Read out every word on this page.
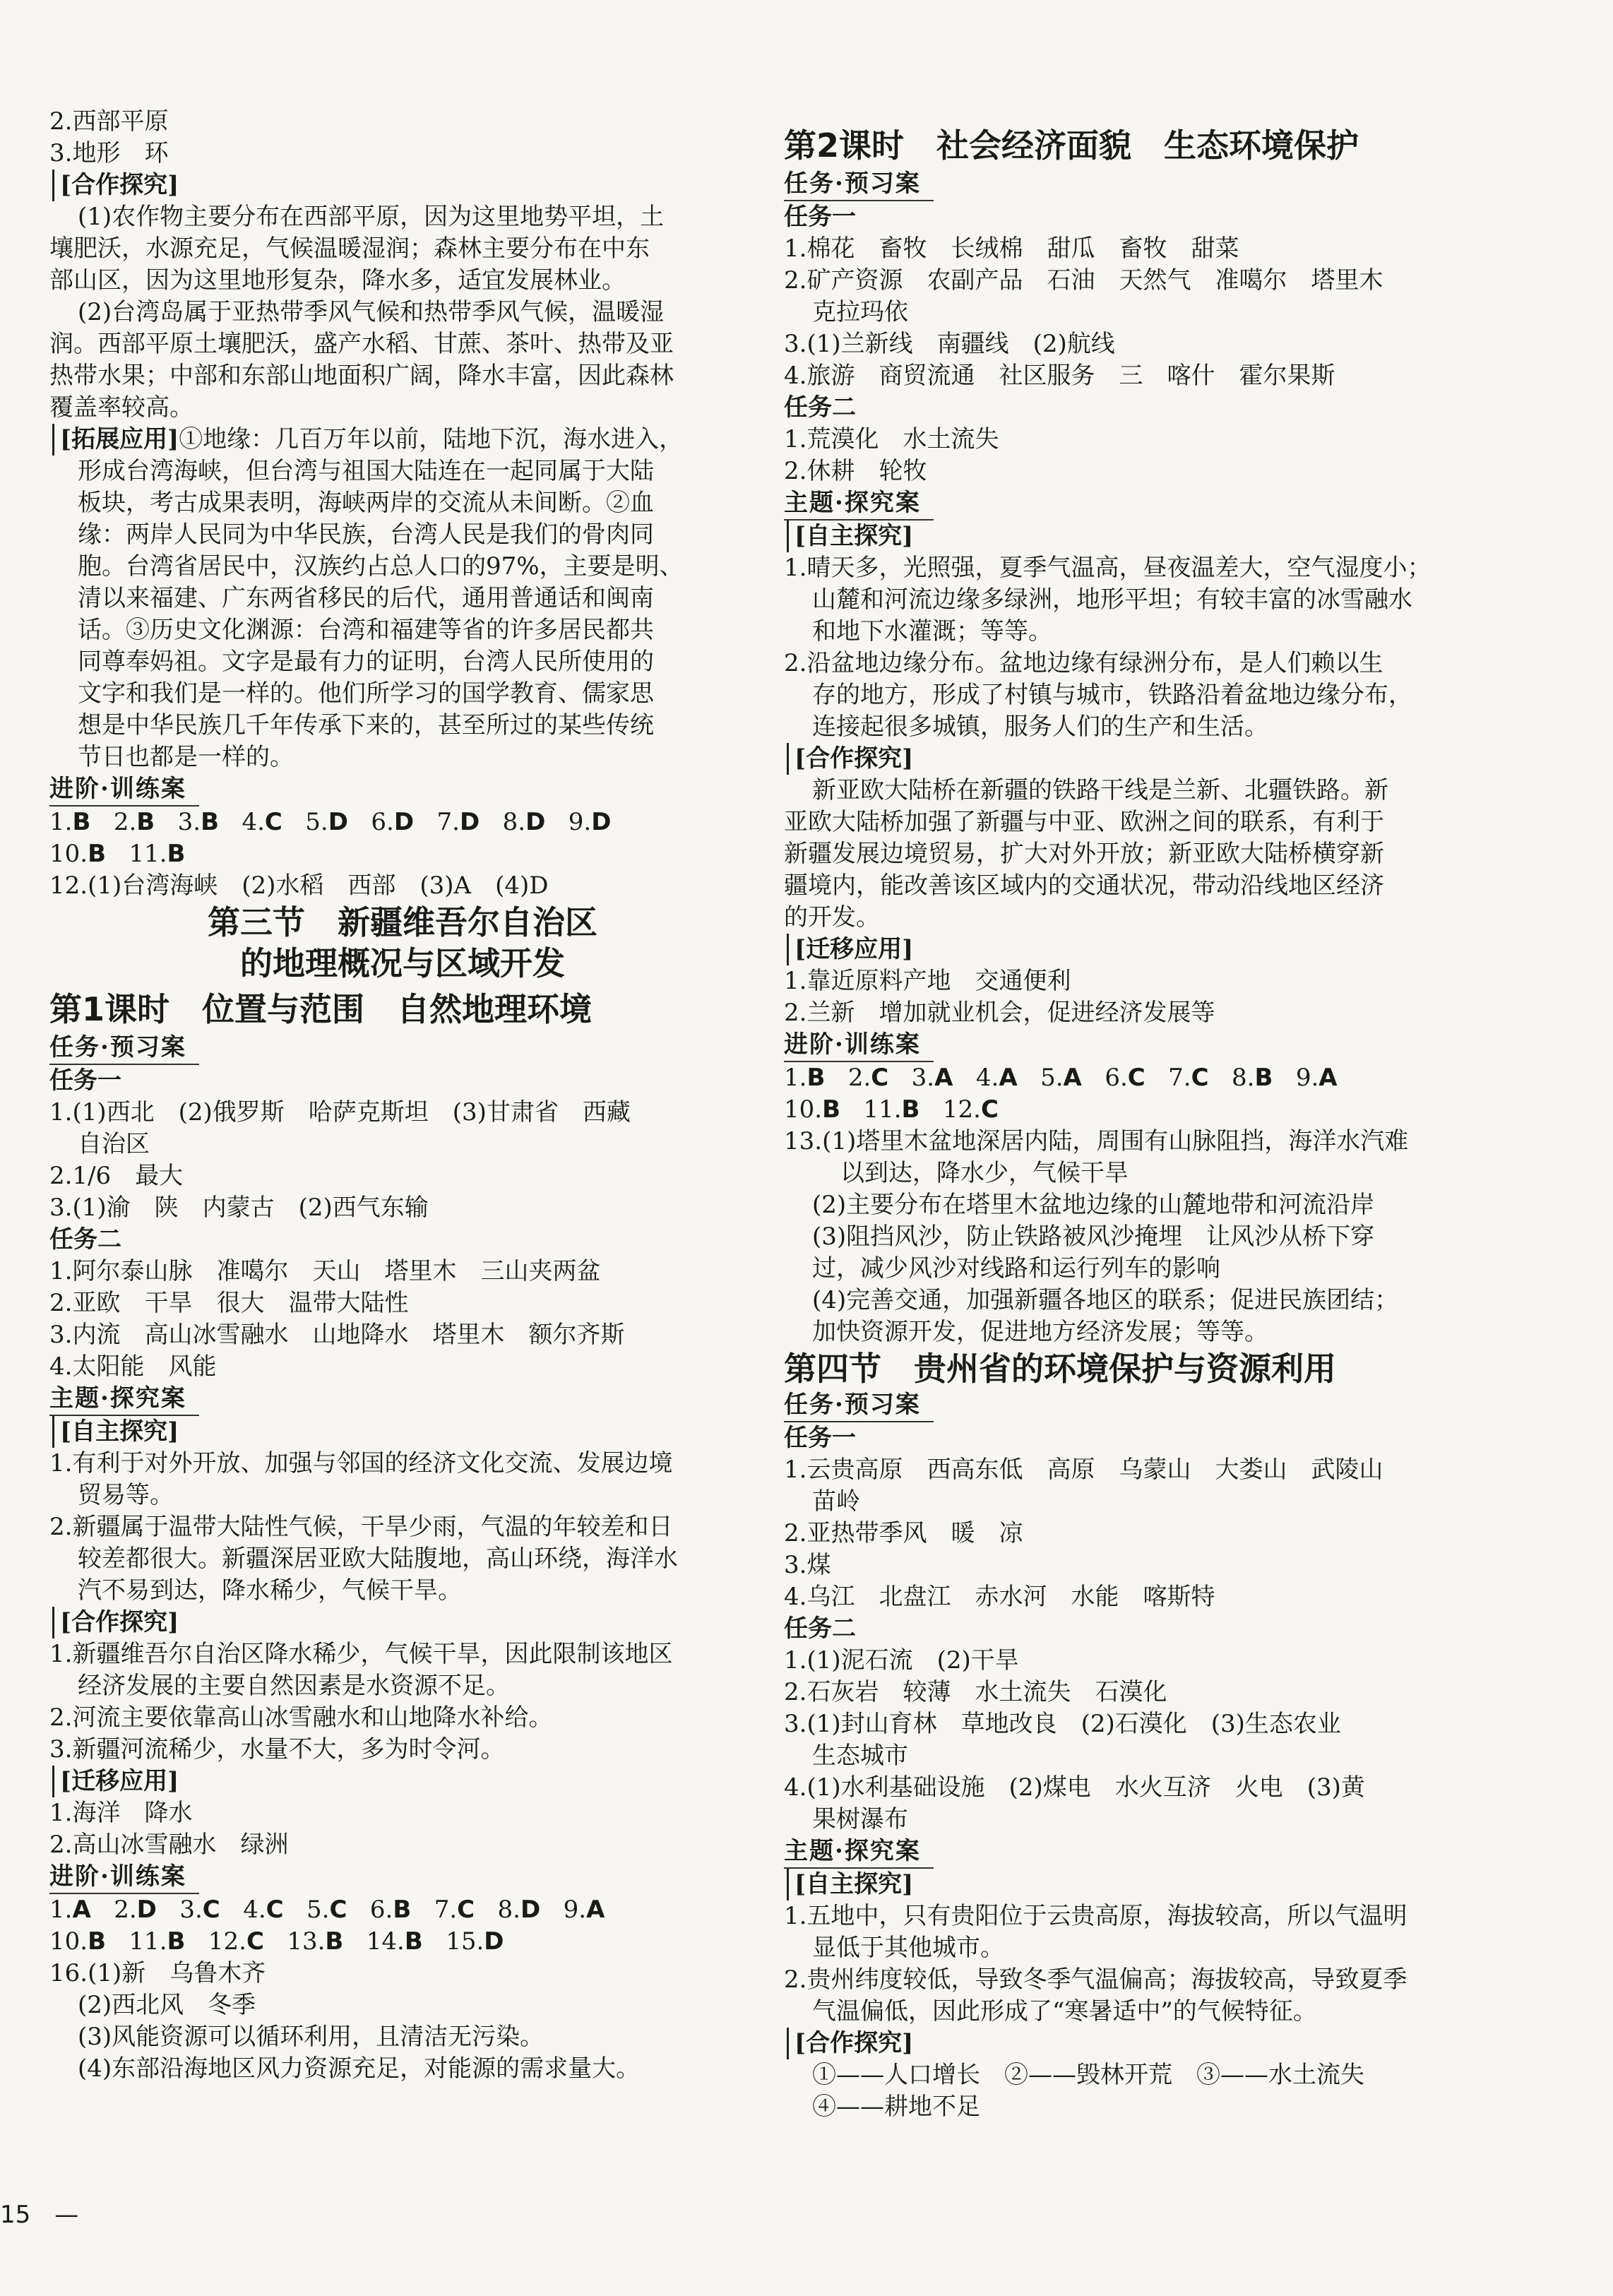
2.西部平原
3.地形　环
[合作探究]
(1)农作物主要分布在西部平原，因为这里地势平坦，土
壤肥沃，水源充足，气候温暖湿润；森林主要分布在中东
部山区，因为这里地形复杂，降水多，适宜发展林业。
(2)台湾岛属于亚热带季风气候和热带季风气候，温暖湿
润。西部平原土壤肥沃，盛产水稻、甘蔗、茶叶、热带及亚
热带水果；中部和东部山地面积广阔，降水丰富，因此森林
覆盖率较高。
[拓展应用]①地缘：几百万年以前，陆地下沉，海水进入，
形成台湾海峡，但台湾与祖国大陆连在一起同属于大陆
板块，考古成果表明，海峡两岸的交流从未间断。②血
缘：两岸人民同为中华民族，台湾人民是我们的骨肉同
胞。台湾省居民中，汉族约占总人口的97%，主要是明、
清以来福建、广东两省移民的后代，通用普通话和闽南
话。③历史文化渊源：台湾和福建等省的许多居民都共
同尊奉妈祖。文字是最有力的证明，台湾人民所使用的
文字和我们是一样的。他们所学习的国学教育、儒家思
想是中华民族几千年传承下来的，甚至所过的某些传统
节日也都是一样的。
进阶·训练案
1.B 2.B 3.B 4.C 5.D 6.D 7.D 8.D 9.D
10.B 11.B
12.(1)台湾海峡　(2)水稻　西部　(3)A　(4)D
第三节　新疆维吾尔自治区
的地理概况与区域开发
第1课时　位置与范围　自然地理环境
任务·预习案
任务一
1.(1)西北　(2)俄罗斯　哈萨克斯坦　(3)甘肃省　西藏
自治区
2.1/6　最大
3.(1)渝　陕　内蒙古　(2)西气东输
任务二
1.阿尔泰山脉　准噶尔　天山　塔里木　三山夹两盆
2.亚欧　干旱　很大　温带大陆性
3.内流　高山冰雪融水　山地降水　塔里木　额尔齐斯
4.太阳能　风能
主题·探究案
[自主探究]
1.有利于对外开放、加强与邻国的经济文化交流、发展边境
贸易等。
2.新疆属于温带大陆性气候，干旱少雨，气温的年较差和日
较差都很大。新疆深居亚欧大陆腹地，高山环绕，海洋水
汽不易到达，降水稀少，气候干旱。
[合作探究]
1.新疆维吾尔自治区降水稀少，气候干旱，因此限制该地区
经济发展的主要自然因素是水资源不足。
2.河流主要依靠高山冰雪融水和山地降水补给。
3.新疆河流稀少，水量不大，多为时令河。
[迁移应用]
1.海洋　降水
2.高山冰雪融水　绿洲
进阶·训练案
1.A 2.D 3.C 4.C 5.C 6.B 7.C 8.D 9.A
10.B 11.B 12.C 13.B 14.B 15.D
16.(1)新　乌鲁木齐
(2)西北风　冬季
(3)风能资源可以循环利用，且清洁无污染。
(4)东部沿海地区风力资源充足，对能源的需求量大。
第2课时　社会经济面貌　生态环境保护
任务·预习案
任务一
1.棉花　畜牧　长绒棉　甜瓜　畜牧　甜菜
2.矿产资源　农副产品　石油　天然气　准噶尔　塔里木
克拉玛依
3.(1)兰新线　南疆线　(2)航线
4.旅游　商贸流通　社区服务　三　喀什　霍尔果斯
任务二
1.荒漠化　水土流失
2.休耕　轮牧
主题·探究案
[自主探究]
1.晴天多，光照强，夏季气温高，昼夜温差大，空气湿度小；
山麓和河流边缘多绿洲，地形平坦；有较丰富的冰雪融水
和地下水灌溉；等等。
2.沿盆地边缘分布。盆地边缘有绿洲分布，是人们赖以生
存的地方，形成了村镇与城市，铁路沿着盆地边缘分布，
连接起很多城镇，服务人们的生产和生活。
[合作探究]
新亚欧大陆桥在新疆的铁路干线是兰新、北疆铁路。新
亚欧大陆桥加强了新疆与中亚、欧洲之间的联系，有利于
新疆发展边境贸易，扩大对外开放；新亚欧大陆桥横穿新
疆境内，能改善该区域内的交通状况，带动沿线地区经济
的开发。
[迁移应用]
1.靠近原料产地　交通便利
2.兰新　增加就业机会，促进经济发展等
进阶·训练案
1.B 2.C 3.A 4.A 5.A 6.C 7.C 8.B 9.A
10.B 11.B 12.C
13.(1)塔里木盆地深居内陆，周围有山脉阻挡，海洋水汽难
以到达，降水少，气候干旱
(2)主要分布在塔里木盆地边缘的山麓地带和河流沿岸
(3)阻挡风沙，防止铁路被风沙掩埋　让风沙从桥下穿
过，减少风沙对线路和运行列车的影响
(4)完善交通，加强新疆各地区的联系；促进民族团结；
加快资源开发，促进地方经济发展；等等。
第四节　贵州省的环境保护与资源利用
任务·预习案
任务一
1.云贵高原　西高东低　高原　乌蒙山　大娄山　武陵山
苗岭
2.亚热带季风　暖　凉
3.煤
4.乌江　北盘江　赤水河　水能　喀斯特
任务二
1.(1)泥石流　(2)干旱
2.石灰岩　较薄　水土流失　石漠化
3.(1)封山育林　草地改良　(2)石漠化　(3)生态农业
生态城市
4.(1)水利基础设施　(2)煤电　水火互济　火电　(3)黄
果树瀑布
主题·探究案
[自主探究]
1.五地中，只有贵阳位于云贵高原，海拔较高，所以气温明
显低于其他城市。
2.贵州纬度较低，导致冬季气温偏高；海拔较高，导致夏季
气温偏低，因此形成了“寒暑适中”的气候特征。
[合作探究]
①——人口增长　②——毁林开荒　③——水土流失
④——耕地不足
15　—
